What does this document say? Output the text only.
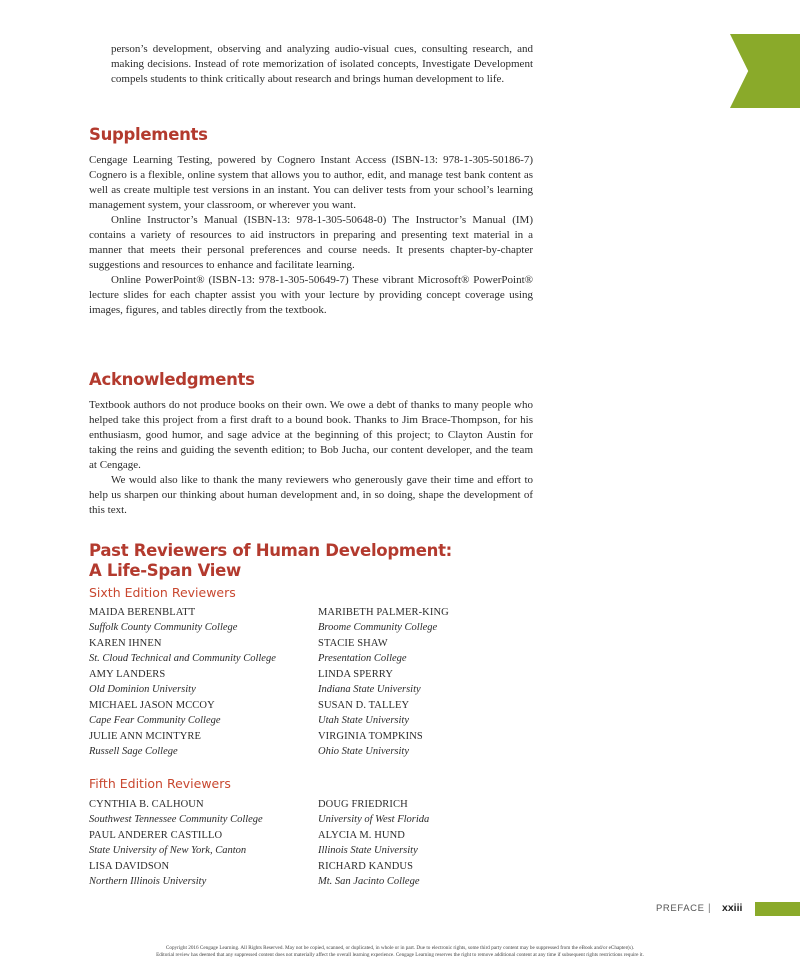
person’s development, observing and analyzing audio-visual cues, consulting research, and making decisions. Instead of rote memorization of isolated concepts, Investigate Development compels students to think critically about research and brings human development to life.

Supplements

Cengage Learning Testing, powered by Cognero Instant Access (ISBN-13: 978-1-305-50186-7) Cognero is a flexible, online system that allows you to author, edit, and manage test bank content as well as create multiple test versions in an instant. You can deliver tests from your school’s learning management system, your classroom, or wherever you want.

Online Instructor’s Manual (ISBN-13: 978-1-305-50648-0) The Instructor’s Manual (IM) contains a variety of resources to aid instructors in preparing and presenting text material in a manner that meets their personal preferences and course needs. It presents chapter-by-chapter suggestions and resources to enhance and facilitate learning.

Online PowerPoint® (ISBN-13: 978-1-305-50649-7) These vibrant Microsoft® PowerPoint® lecture slides for each chapter assist you with your lecture by providing concept coverage using images, figures, and tables directly from the textbook.

Acknowledgments

Textbook authors do not produce books on their own. We owe a debt of thanks to many people who helped take this project from a first draft to a bound book. Thanks to Jim Brace-Thompson, for his enthusiasm, good humor, and sage advice at the beginning of this project; to Clayton Austin for taking the reins and guiding the seventh edition; to Bob Jucha, our content developer, and the team at Cengage.

We would also like to thank the many reviewers who generously gave their time and effort to help us sharpen our thinking about human development and, in so doing, shape the development of this text.

Past Reviewers of Human Development:
A Life-Span View
Sixth Edition Reviewers
MAIDA BERENBLATT
Suffolk County Community College
MARIBETH PALMER-KING
Broome Community College
KAREN IHNEN
St. Cloud Technical and Community College
STACIE SHAW
Presentation College
AMY LANDERS
Old Dominion University
LINDA SPERRY
Indiana State University
MICHAEL JASON MCCOY
Cape Fear Community College
SUSAN D. TALLEY
Utah State University
JULIE ANN MCINTYRE
Russell Sage College
VIRGINIA TOMPKINS
Ohio State University
Fifth Edition Reviewers
CYNTHIA B. CALHOUN
Southwest Tennessee Community College
DOUG FRIEDRICH
University of West Florida
PAUL ANDERER CASTILLO
State University of New York, Canton
ALYCIA M. HUND
Illinois State University
LISA DAVIDSON
Northern Illinois University
RICHARD KANDUS
Mt. San Jacinto College
PREFACE | xxiii
Copyright 2016 Cengage Learning. All Rights Reserved. May not be copied, scanned, or duplicated, in whole or in part. Due to electronic rights, some third party content may be suppressed from the eBook and/or eChapter(s).
Editorial review has deemed that any suppressed content does not materially affect the overall learning experience. Cengage Learning reserves the right to remove additional content at any time if subsequent rights restrictions require it.
